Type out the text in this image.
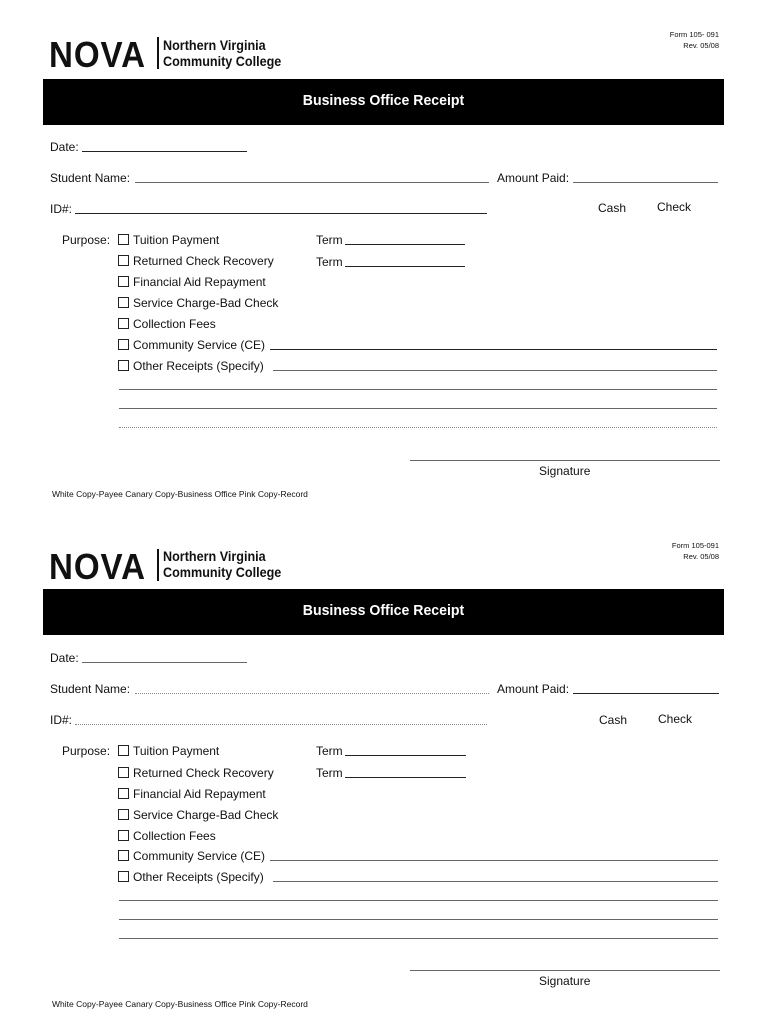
Form 105- 091
Rev. 05/08
NOVA Northern Virginia
Community College
Business Office Receipt
Date:
Student Name:	Amount Paid:
ID#:	Cash	Check
Purpose: Tuition Payment
Returned Check Recovery
Financial Aid Repayment
Service Charge-Bad Check
Collection Fees
Community Service (CE)
Other Receipts (Specify)
Term
Term
Signature
White Copy-Payee Canary Copy-Business Office Pink Copy-Record
Form 105-091
Rev. 05/08
NOVA Northern Virginia
Community College
Business Office Receipt
Date:
Student Name:	Amount Paid:
ID#:	Cash	Check
Purpose: Tuition Payment
Returned Check Recovery
Financial Aid Repayment
Service Charge-Bad Check
Collection Fees
Community Service (CE)
Other Receipts (Specify)
Term
Term
Signature
White Copy-Payee Canary Copy-Business Office Pink Copy-Record
